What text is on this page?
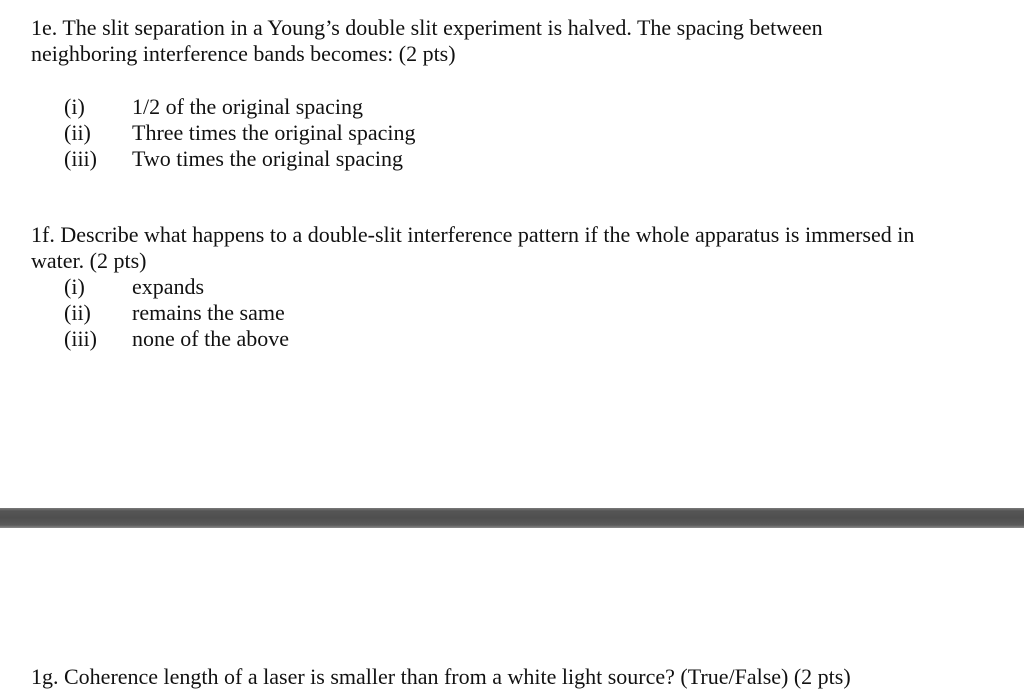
1e. The slit separation in a Young’s double slit experiment is halved. The spacing between neighboring interference bands becomes: (2 pts)

(i)	1/2 of the original spacing
(ii)	Three times the original spacing
(iii)	Two times the original spacing

1f. Describe what happens to a double-slit interference pattern if the whole apparatus is immersed in water. (2 pts)

(i)	expands
(ii)	remains the same
(iii)	none of the above

1g. Coherence length of a laser is smaller than from a white light source? (True/False) (2 pts)
